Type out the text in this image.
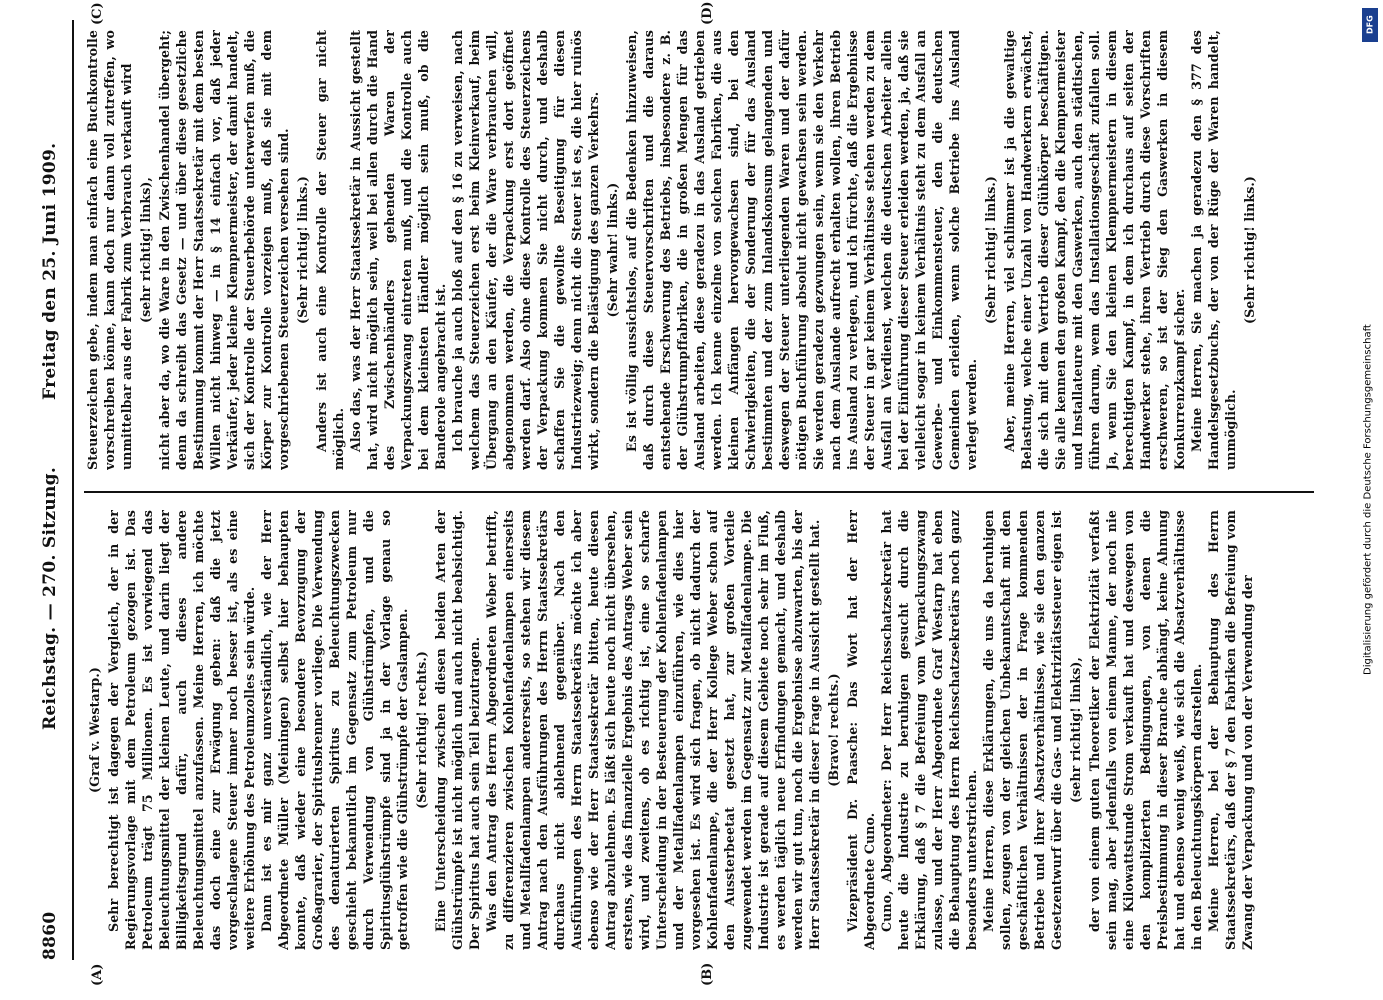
8860
Reichstag. — 270. Sitzung.
Freitag den 25. Juni 1909.
(A)	(B)
(C)	(D)

(Graf v. Westarp.) Sehr berechtigt ist dagegen der Vergleich, der in der Regierungsvorlage mit dem Petroleum gezogen ist. Das Petroleum trägt 75 Millionen. Es ist vorwiegend das Beleuchtungsmittel der kleinen Leute, und darin liegt der Billigkeitsgrund dafür, auch dieses andere Beleuchtungsmittel anzufassen. Meine Herren, ich möchte das doch eine zur Erwägung geben: daß die jetzt vorgeschlagene Steuer immer noch besser ist, als es eine weitere Erhöhung des Petroleumzolles sein würde. Dann ist es mir ganz unverständlich, wie der Herr Abgeordnete Müller (Meiningen) selbst hier behaupten konnte, daß wieder eine besondere Bevorzugung der Großagrarier, der Spiritusbrenner vorliege. Die Verwendung des denaturierten Spiritus zu Beleuchtungszwecken geschieht bekanntlich im Gegensatz zum Petroleum nur durch Verwendung von Glühstrümpfen, und die Spiritusglühstrümpfe sind ja in der Vorlage genau so getroffen wie die Glühstrümpfe der Gaslampen. (Sehr richtig! rechts.) Eine Unterscheidung zwischen diesen beiden Arten der Glühstrümpfe ist nicht möglich und auch nicht beabsichtigt. Der Spiritus hat auch sein Teil beizutragen. Was den Antrag des Herrn Abgeordneten Weber betrifft, zu differenzieren zwischen Kohlenfadenlampen einerseits und Metallfadenlampen andererseits, so stehen wir diesem Antrag nach den Ausführungen des Herrn Staatssekretärs durchaus nicht ablehnend gegenüber. Nach den Ausführungen des Herrn Staatssekretärs möchte ich aber ebenso wie der Herr Staatssekretär bitten, heute diesen Antrag abzulehnen. Es läßt sich heute noch nicht übersehen, erstens, wie das finanzielle Ergebnis des Antrags Weber sein wird, und zweitens, ob es richtig ist, eine so scharfe Unterscheidung in der Besteuerung der Kohlenfadenlampen und der Metallfadenlampen einzuführen, wie dies hier vorgesehen ist. Es wird sich fragen, ob nicht dadurch der Kohlenfadenlampe, die der Herr Kollege Weber schon auf den Aussterbeetat gesetzt hat, zur großen Vorteile zugewendet werden im Gegensatz zur Metallfadenlampe. Die Industrie ist gerade auf diesem Gebiete noch sehr im Fluß, es werden täglich neue Erfindungen gemacht, und deshalb werden wir gut tun, noch die Ergebnisse abzuwarten, bis der Herr Staatssekretär in dieser Frage in Aussicht gestellt hat. (Bravo! rechts.) Vizepräsident Dr. Paasche: Das Wort hat der Herr Abgeordnete Cuno. Cuno, Abgeordneter: Der Herr Reichsschatzsekretär hat heute die Industrie zu beruhigen gesucht durch die Erklärung, daß § 7 die Befreiung vom Verpackungszwang zulasse, und der Herr Abgeordnete Graf Westarp hat eben die Behauptung des Herrn Reichsschatzsekretärs noch ganz besonders unterstrichen. Meine Herren, diese Erklärungen, die uns da beruhigen sollen, zeugen von der gleichen Unbekanntschaft mit den geschäftlichen Verhältnissen der in Frage kommenden Betriebe und ihrer Absatzverhältnisse, wie sie den ganzen Gesetzentwurf über die Gas- und Elektrizitätssteuer eigen ist (sehr richtig! links), der von einem guten Theoretiker der Elektrizität verfaßt sein mag, aber jedenfalls von einem Manne, der noch nie eine Kilowattstunde Strom verkauft hat und deswegen von den komplizierten Bedingungen, von denen die Preisbestimmung in dieser Branche abhängt, keine Ahnung hat und ebenso wenig weiß, wie sich die Absatzverhältnisse in den Beleuchtungskörpern darstellen. Meine Herren, bei der Behauptung des Herrn Staatssekretärs, daß der § 7 den Fabriken die Befreiung vom Zwang der Verpackung und von der Verwendung der

Steuerzeichen gebe, indem man einfach eine Buchkontrolle vorschreiben könne, kann doch nur dann voll zutreffen, wo unmittelbar aus der Fabrik zum Verbrauch verkauft wird (sehr richtig! links), nicht aber da, wo die Ware in den Zwischenhandel übergeht; denn da schreibt das Gesetz — und über diese gesetzliche Bestimmung kommt der Herr Staatssekretär mit dem besten Willen nicht hinweg — in § 14 einfach vor, daß jeder Verkäufer, jeder kleine Klempnermeister, der damit handelt, sich der Kontrolle der Steuerbehörde unterwerfen muß, die Körper zur Kontrolle vorzeigen muß, daß sie mit dem vorgeschriebenen Steuerzeichen versehen sind. (Sehr richtig! links.) Anders ist auch eine Kontrolle der Steuer gar nicht möglich. Also das, was der Herr Staatssekretär in Aussicht gestellt hat, wird nicht möglich sein, weil bei allen durch die Hand des Zwischenhändlers gehenden Waren der Verpackungszwang eintreten muß, und die Kontrolle auch bei dem kleinsten Händler möglich sein muß, ob die Banderole angebracht ist. Ich brauche ja auch bloß auf den § 16 zu verweisen, nach welchem das Steuerzeichen erst beim Kleinverkauf, beim Übergang an den Käufer, der die Ware verbrauchen will, abgenommen werden, die Verpackung erst dort geöffnet werden darf. Also ohne diese Kontrolle des Steuerzeichens der Verpackung kommen Sie nicht durch, und deshalb schaffen Sie die gewollte Beseitigung für diesen Industriezweig; denn nicht die Steuer ist es, die hier ruinös wirkt, sondern die Belästigung des ganzen Verkehrs. (Sehr wahr! links.) Es ist völlig aussichtslos, auf die Bedenken hinzuweisen, daß durch diese Steuervorschriften und die daraus entstehende Erschwerung des Betriebs, insbesondere z. B. der Glühstrumpffabriken, die in großen Mengen für das Ausland arbeiten, diese geradezu in das Ausland getrieben werden. Ich kenne einzelne von solchen Fabriken, die aus kleinen Anfängen hervorgewachsen sind, bei den Schwierigkeiten, die der Sonderung der für das Ausland bestimmten und der zum Inlandskonsum gelangenden und deswegen der Steuer unterliegenden Waren und der dafür nötigen Buchführung absolut nicht gewachsen sein werden. Sie werden geradezu gezwungen sein, wenn sie den Verkehr nach dem Auslande aufrecht erhalten wollen, ihren Betrieb ins Ausland zu verlegen, und ich fürchte, daß die Ergebnisse der Steuer in gar keinem Verhältnisse stehen werden zu dem Ausfall an Verdienst, welchen die deutschen Arbeiter allein bei der Einführung dieser Steuer erleiden werden, ja, daß sie vielleicht sogar in keinem Verhältnis steht zu dem Ausfall an Gewerbe- und Einkommensteuer, den die deutschen Gemeinden erleiden, wenn solche Betriebe ins Ausland verlegt werden.

(Sehr richtig! links.) Aber, meine Herren, viel schlimmer ist ja die gewaltige Belastung, welche einer Unzahl von Handwerkern erwächst, die sich mit dem Vertrieb dieser Glühkörper beschäftigen. Sie alle kennen den großen Kampf, den die Klempnermeister und Installateure mit den Gaswerken, auch den städtischen, führen darum, wem das Installationsgeschäft zufallen soll. Ja, wenn Sie den kleinen Klempnermeistern in diesem berechtigten Kampf, in dem ich durchaus auf seiten der Handwerker stehe, ihren Vertrieb durch diese Vorschriften erschweren, so ist der Sieg den Gaswerken in diesem Konkurrenzkampf sicher. Meine Herren, Sie machen ja geradezu den § 377 des Handelsgesetzbuchs, der von der Rüge der Waren handelt, unmöglich.

(Sehr richtig! links.)

DFG
Digitalisierung gefördert durch die Deutsche Forschungsgemeinschaft
